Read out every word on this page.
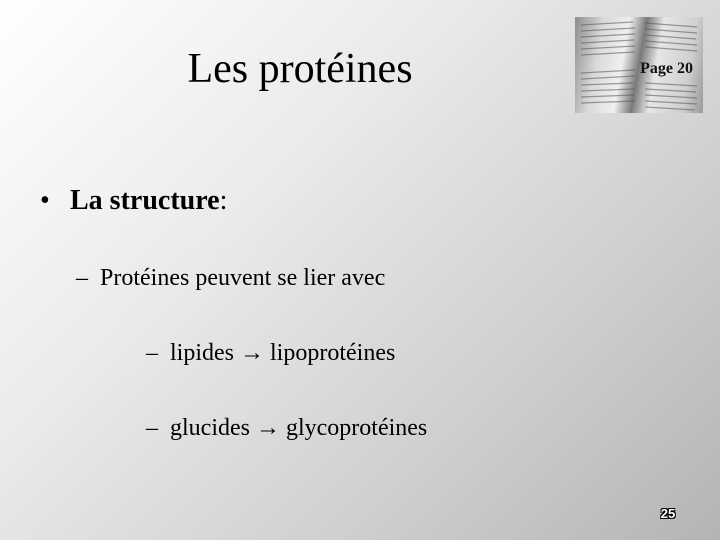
Les protéines	Page 20
• La structure:
– Protéines peuvent se lier avec
– lipides → lipoprotéines
– glucides → glycoprotéines
25
